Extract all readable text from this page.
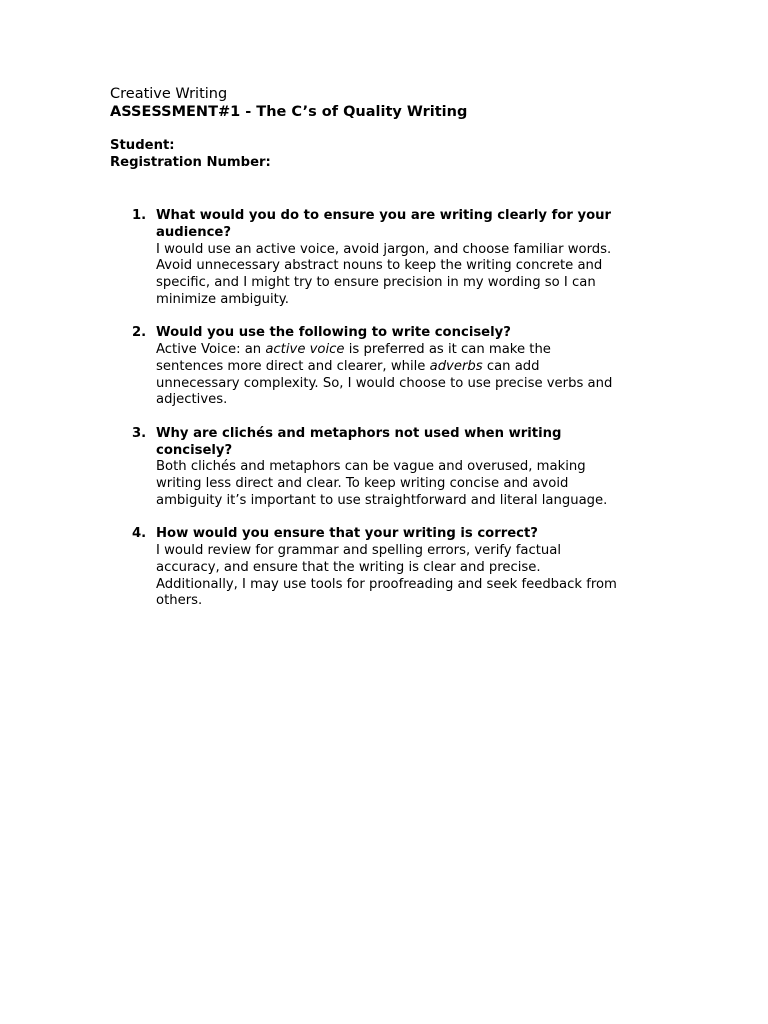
Creative Writing
ASSESSMENT#1 - The C’s of Quality Writing
Student:
Registration Number:
1. What would you do to ensure you are writing clearly for your
audience?
I would use an active voice, avoid jargon, and choose familiar words.
Avoid unnecessary abstract nouns to keep the writing concrete and
specific, and I might try to ensure precision in my wording so I can
minimize ambiguity.
2. Would you use the following to write concisely?
Active Voice: an active voice is preferred as it can make the
sentences more direct and clearer, while adverbs can add
unnecessary complexity. So, I would choose to use precise verbs and
adjectives.
3. Why are clichés and metaphors not used when writing
concisely?
Both clichés and metaphors can be vague and overused, making
writing less direct and clear. To keep writing concise and avoid
ambiguity it’s important to use straightforward and literal language.
4. How would you ensure that your writing is correct?
I would review for grammar and spelling errors, verify factual
accuracy, and ensure that the writing is clear and precise.
Additionally, I may use tools for proofreading and seek feedback from
others.
